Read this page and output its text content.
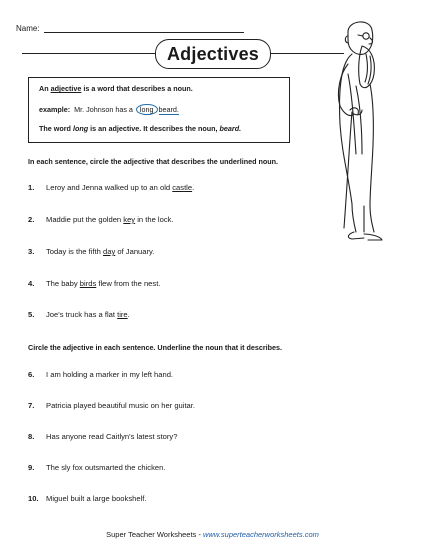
Name:
Adjectives
An adjective is a word that describes a noun.
example: Mr. Johnson has a long beard.
The word long is an adjective. It describes the noun, beard.
In each sentence, circle the adjective that describes the underlined noun.
1.	Leroy and Jenna walked up to an old castle.
2.	Maddie put the golden key in the lock.
3.	Today is the fifth day of January.
4.	The baby birds flew from the nest.
5.	Joe's truck has a flat tire.
Circle the adjective in each sentence. Underline the noun that it describes.
6.	I am holding a marker in my left hand.
7.	Patricia played beautiful music on her guitar.
8.	Has anyone read Caitlyn's latest story?
9.	The sly fox outsmarted the chicken.
10. Miguel built a large bookshelf.
Super Teacher Worksheets - www.superteacherworksheets.com
